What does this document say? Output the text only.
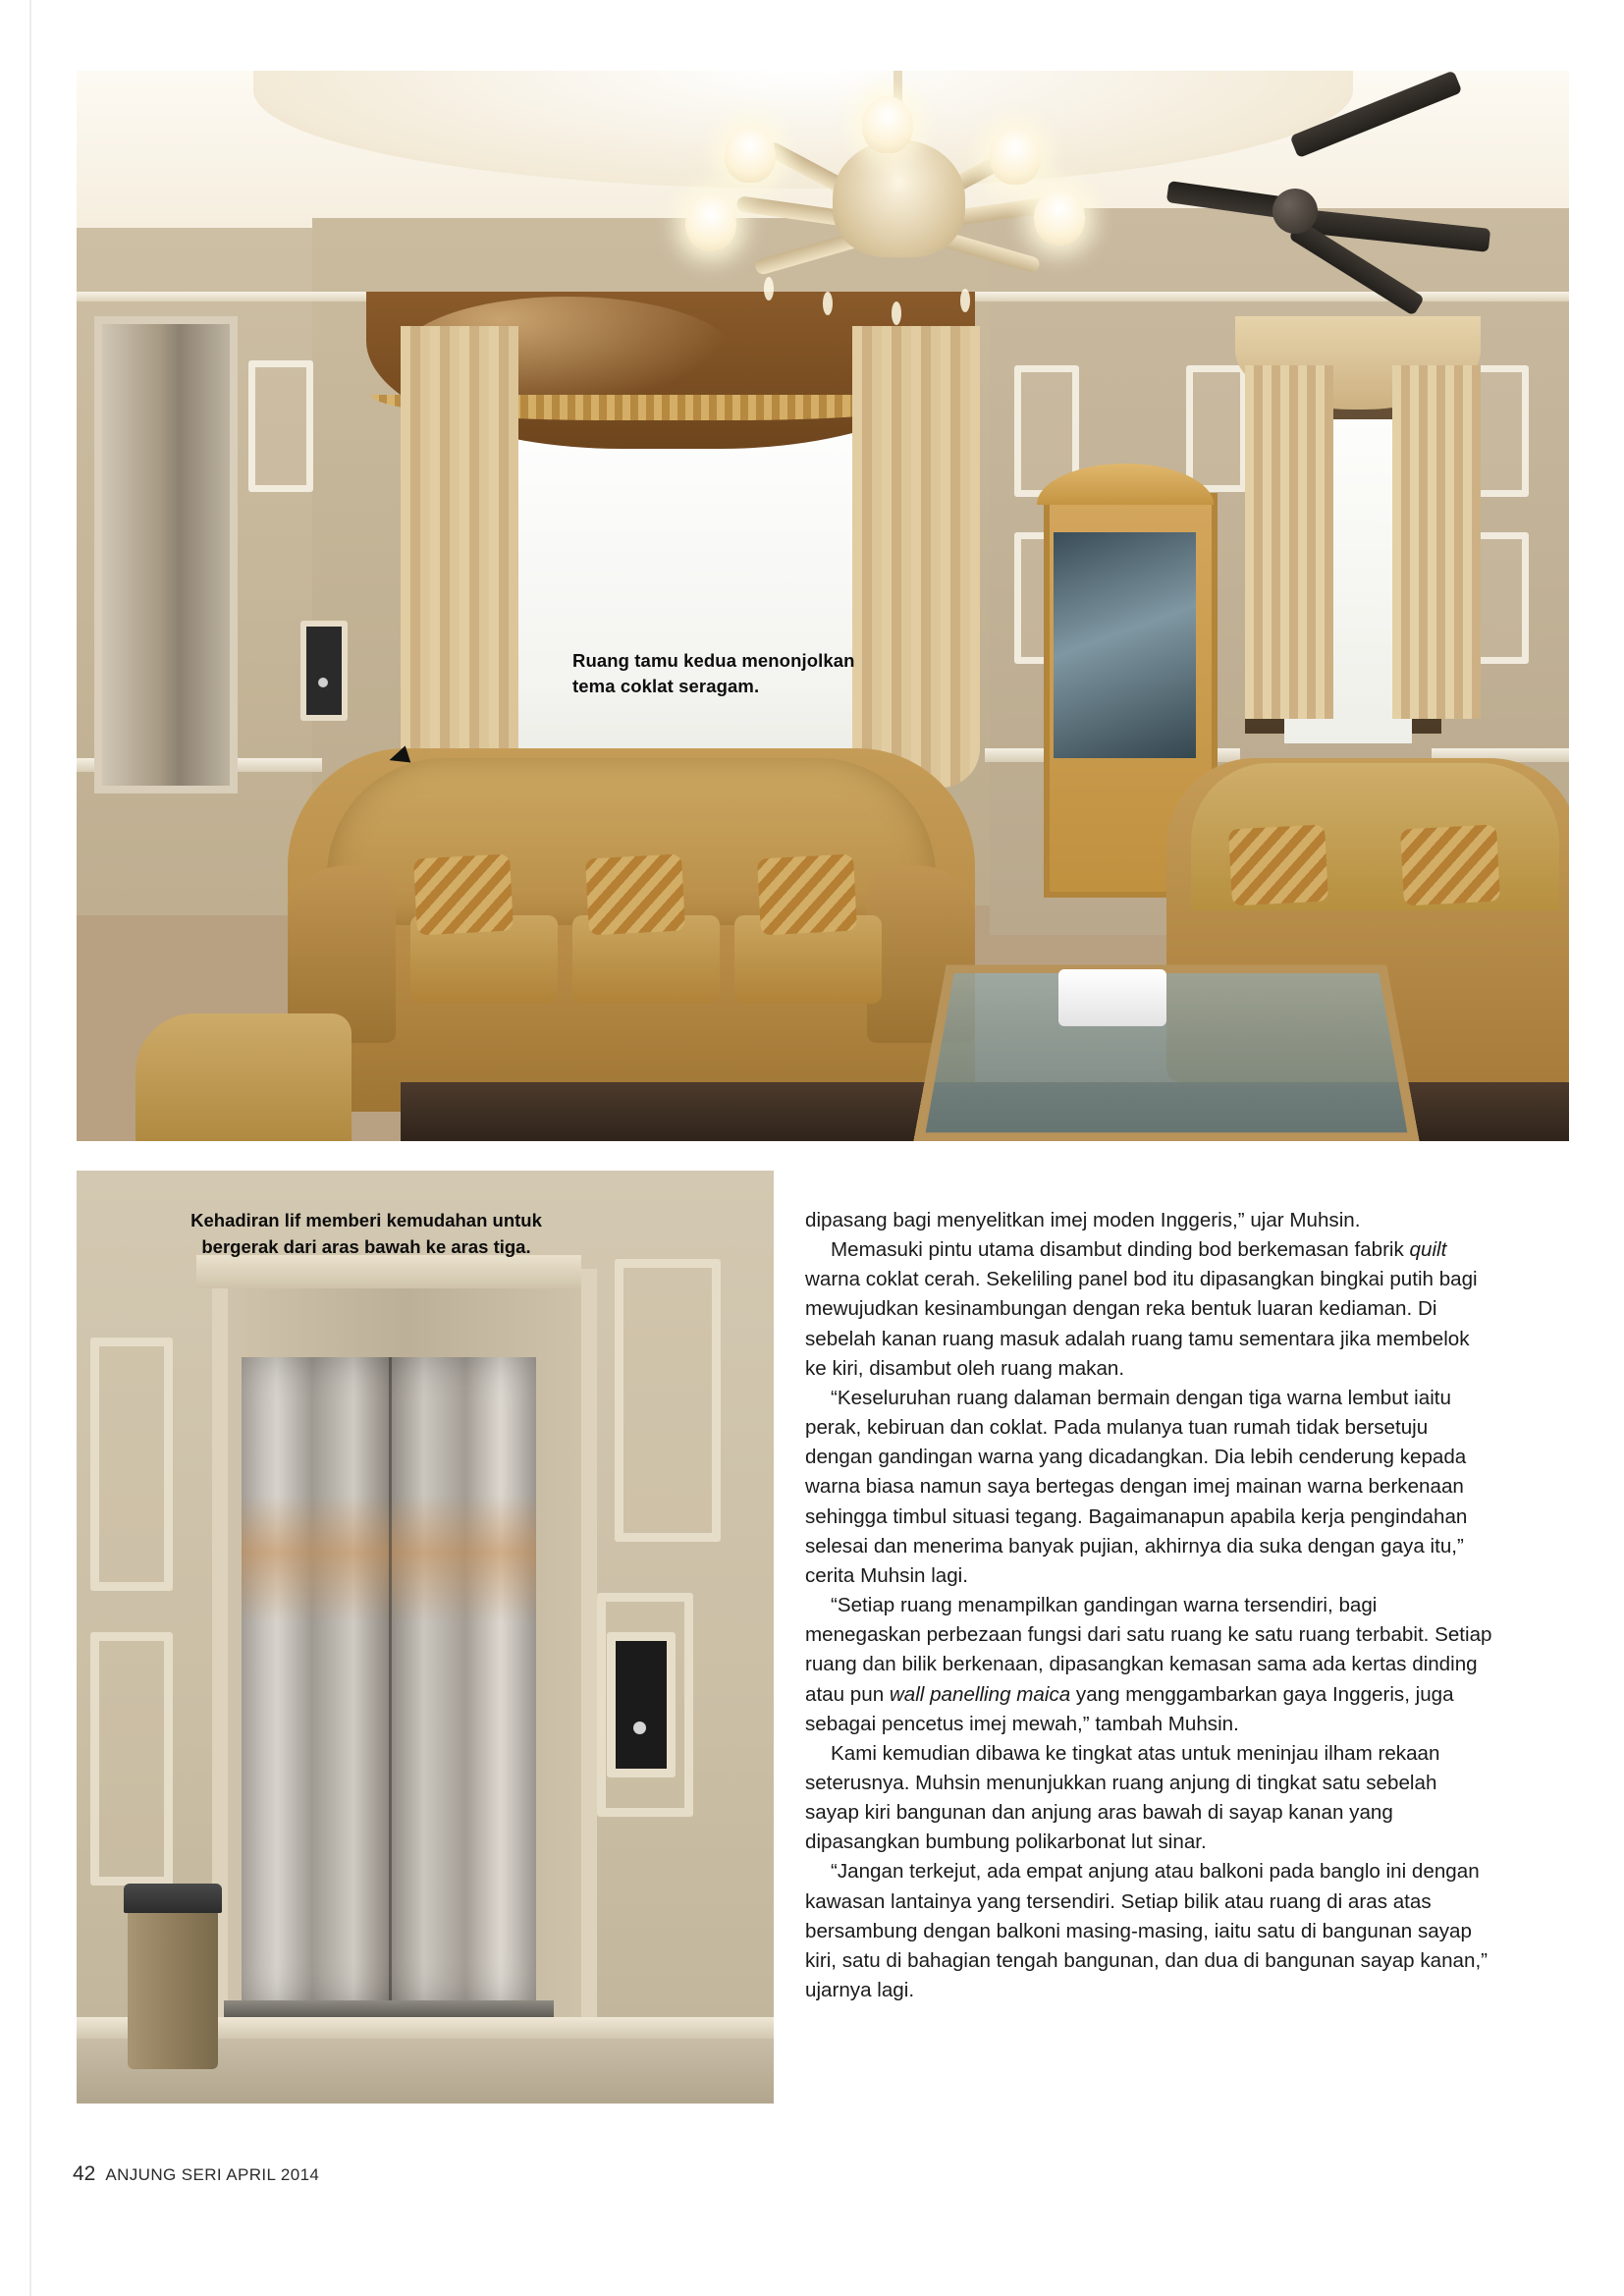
Ruang tamu kedua menonjolkan tema coklat seragam.
Kehadiran lif memberi kemudahan untuk bergerak dari aras bawah ke aras tiga.

dipasang bagi menyelitkan imej moden Inggeris,” ujar Muhsin.

Memasuki pintu utama disambut dinding bod berkemasan fabrik quilt warna coklat cerah. Sekeliling panel bod itu dipasangkan bingkai putih bagi mewujudkan kesinambungan dengan reka bentuk luaran kediaman. Di sebelah kanan ruang masuk adalah ruang tamu sementara jika membelok ke kiri, disambut oleh ruang makan.

“Keseluruhan ruang dalaman bermain dengan tiga warna lembut iaitu perak, kebiruan dan coklat. Pada mulanya tuan rumah tidak bersetuju dengan gandingan warna yang dicadangkan. Dia lebih cenderung kepada warna biasa namun saya bertegas dengan imej mainan warna berkenaan sehingga timbul situasi tegang. Bagaimanapun apabila kerja pengindahan selesai dan menerima banyak pujian, akhirnya dia suka dengan gaya itu,” cerita Muhsin lagi.

“Setiap ruang menampilkan gandingan warna tersendiri, bagi menegaskan perbezaan fungsi dari satu ruang ke satu ruang terbabit. Setiap ruang dan bilik berkenaan, dipasangkan kemasan sama ada kertas dinding atau pun wall panelling maica yang menggambarkan gaya Inggeris, juga sebagai pencetus imej mewah,” tambah Muhsin.

Kami kemudian dibawa ke tingkat atas untuk meninjau ilham rekaan seterusnya. Muhsin menunjukkan ruang anjung di tingkat satu sebelah sayap kiri bangunan dan anjung aras bawah di sayap kanan yang dipasangkan bumbung polikarbonat lut sinar.

“Jangan terkejut, ada empat anjung atau balkoni pada banglo ini dengan kawasan lantainya yang tersendiri. Setiap bilik atau ruang di aras atas bersambung dengan balkoni masing-masing, iaitu satu di bangunan sayap kiri, satu di bahagian tengah bangunan, dan dua di bangunan sayap kanan,” ujarnya lagi.

42 ANJUNG SERI APRIL 2014
